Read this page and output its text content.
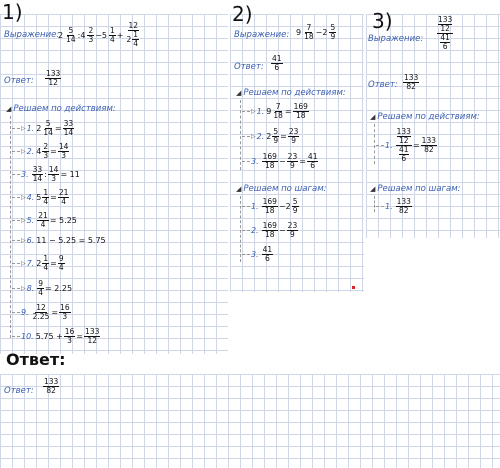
1)	2)	3)
Выражение:
2
5
14 :4
2
3 −5
1
4 + 12
2 1
4
Ответ:
133
12
◢ Решаем по действиям:
▷ 1. $2 \frac{5}{14} = \frac{33}{14}$
▷ 2. $4 \frac{2}{3} = \frac{14}{3}$
3.
33
14 : $\frac{14}{3} = 11$
▷ 4. $5 \frac{1}{4} = \frac{21}{4}$
▷ 5. $\frac{21}{4} = 5.25$
▷ 6. 11 − 5.25 = 5.75
▷ 7. $2 \frac{1}{4} = \frac{9}{4}$
▷ 8. $\frac{9}{4} = 2.25$
9. $\frac{12}{2.25} = \frac{16}{3}$
10. $5.75 + \frac{16}{3} = \frac{133}{12}$
Выражение: 9
7
18 −2
5
9
Ответ:
41
6
◢ Решаем по действиям:
▷ 1. $9 \frac{7}{18} = \frac{169}{18}$
▷ 2. $2 \frac{5}{9} = \frac{23}{9}$
3.
169
$18 - \frac{23}{9} = \frac{41}{6}$
◢ Решаем по шагам:
1.
169
18 −2
5
9
2.
169
$18 - \frac{23}{9}$
3.
41
6
Выражение:
133
12
41
6
Ответ:
133
82
◢ Решаем по действиям:
1. 133
12
41
$6 = \frac{133}{82}$
◢ Решаем по шагам:
1.
133
82
Ответ:
Ответ:
133
82
